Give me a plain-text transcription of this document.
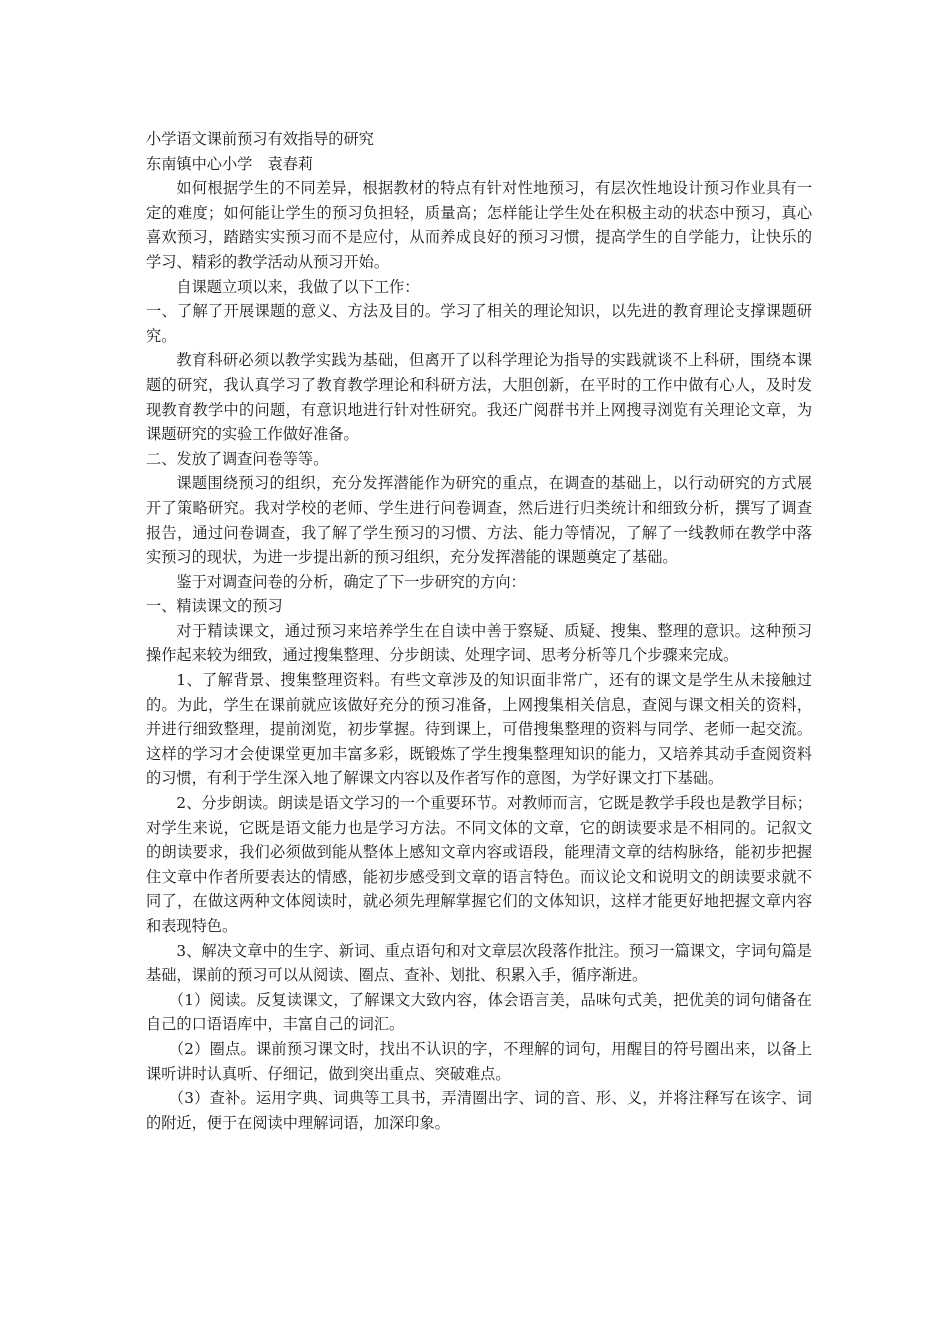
小学语文课前预习有效指导的研究

东南镇中心小学　袁春莉

如何根据学生的不同差异，根据教材的特点有针对性地预习，有层次性地设计预习作业具有一定的难度；如何能让学生的预习负担轻，质量高；怎样能让学生处在积极主动的状态中预习，真心喜欢预习，踏踏实实预习而不是应付，从而养成良好的预习习惯，提高学生的自学能力，让快乐的学习、精彩的教学活动从预习开始。

自课题立项以来，我做了以下工作：

一、了解了开展课题的意义、方法及目的。学习了相关的理论知识，以先进的教育理论支撑课题研究。

教育科研必须以教学实践为基础，但离开了以科学理论为指导的实践就谈不上科研，围绕本课题的研究，我认真学习了教育教学理论和科研方法，大胆创新，在平时的工作中做有心人，及时发现教育教学中的问题，有意识地进行针对性研究。我还广阅群书并上网搜寻浏览有关理论文章，为课题研究的实验工作做好准备。

二、发放了调查问卷等等。

课题围绕预习的组织，充分发挥潜能作为研究的重点，在调查的基础上，以行动研究的方式展开了策略研究。我对学校的老师、学生进行问卷调查，然后进行归类统计和细致分析，撰写了调查报告，通过问卷调查，我了解了学生预习的习惯、方法、能力等情况，了解了一线教师在教学中落实预习的现状，为进一步提出新的预习组织，充分发挥潜能的课题奠定了基础。

鉴于对调查问卷的分析，确定了下一步研究的方向：

一、精读课文的预习

对于精读课文，通过预习来培养学生在自读中善于察疑、质疑、搜集、整理的意识。这种预习操作起来较为细致，通过搜集整理、分步朗读、处理字词、思考分析等几个步骤来完成。

1、了解背景、搜集整理资料。有些文章涉及的知识面非常广，还有的课文是学生从未接触过的。为此，学生在课前就应该做好充分的预习准备，上网搜集相关信息，查阅与课文相关的资料，并进行细致整理，提前浏览，初步掌握。待到课上，可借搜集整理的资料与同学、老师一起交流。这样的学习才会使课堂更加丰富多彩，既锻炼了学生搜集整理知识的能力，又培养其动手查阅资料的习惯，有利于学生深入地了解课文内容以及作者写作的意图，为学好课文打下基础。

2、分步朗读。朗读是语文学习的一个重要环节。对教师而言，它既是教学手段也是教学目标；对学生来说，它既是语文能力也是学习方法。不同文体的文章，它的朗读要求是不相同的。记叙文的朗读要求，我们必须做到能从整体上感知文章内容或语段，能理清文章的结构脉络，能初步把握住文章中作者所要表达的情感，能初步感受到文章的语言特色。而议论文和说明文的朗读要求就不同了，在做这两种文体阅读时，就必须先理解掌握它们的文体知识，这样才能更好地把握文章内容和表现特色。

3、解决文章中的生字、新词、重点语句和对文章层次段落作批注。预习一篇课文，字词句篇是基础，课前的预习可以从阅读、圈点、查补、划批、积累入手，循序渐进。

（1）阅读。反复读课文，了解课文大致内容，体会语言美，品味句式美，把优美的词句储备在自己的口语语库中，丰富自己的词汇。

（2）圈点。课前预习课文时，找出不认识的字，不理解的词句，用醒目的符号圈出来，以备上课听讲时认真听、仔细记，做到突出重点、突破难点。

（3）查补。运用字典、词典等工具书，弄清圈出字、词的音、形、义，并将注释写在该字、词的附近，便于在阅读中理解词语，加深印象。
